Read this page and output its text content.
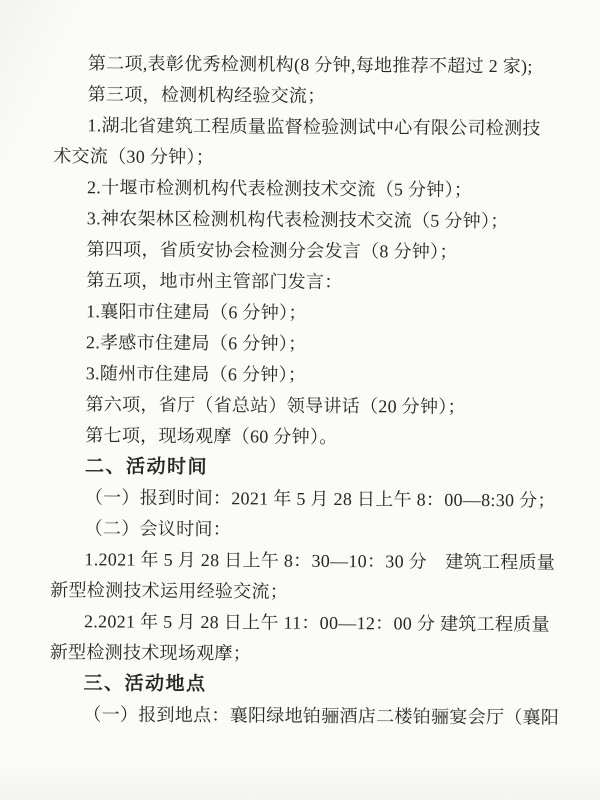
第二项,表彰优秀检测机构(8 分钟,每地推荐不超过 2 家);
第三项，检测机构经验交流；
1.湖北省建筑工程质量监督检验测试中心有限公司检测技
术交流（30 分钟）；
2.十堰市检测机构代表检测技术交流（5 分钟）；
3.神农架林区检测机构代表检测技术交流（5 分钟）；
第四项，省质安协会检测分会发言（8 分钟）；
第五项，地市州主管部门发言：
1.襄阳市住建局（6 分钟）；
2.孝感市住建局（6 分钟）；
3.随州市住建局（6 分钟）；
第六项，省厅（省总站）领导讲话（20 分钟）；
第七项，现场观摩（60 分钟）。
二、活动时间
（一）报到时间：2021 年 5 月 28 日上午 8：00—8:30 分；
（二）会议时间：
1.2021 年 5 月 28 日上午 8：30—10：30 分　建筑工程质量
新型检测技术运用经验交流；
2.2021 年 5 月 28 日上午 11：00—12：00 分 建筑工程质量
新型检测技术现场观摩；
三、活动地点
（一）报到地点：襄阳绿地铂骊酒店二楼铂骊宴会厅（襄阳
